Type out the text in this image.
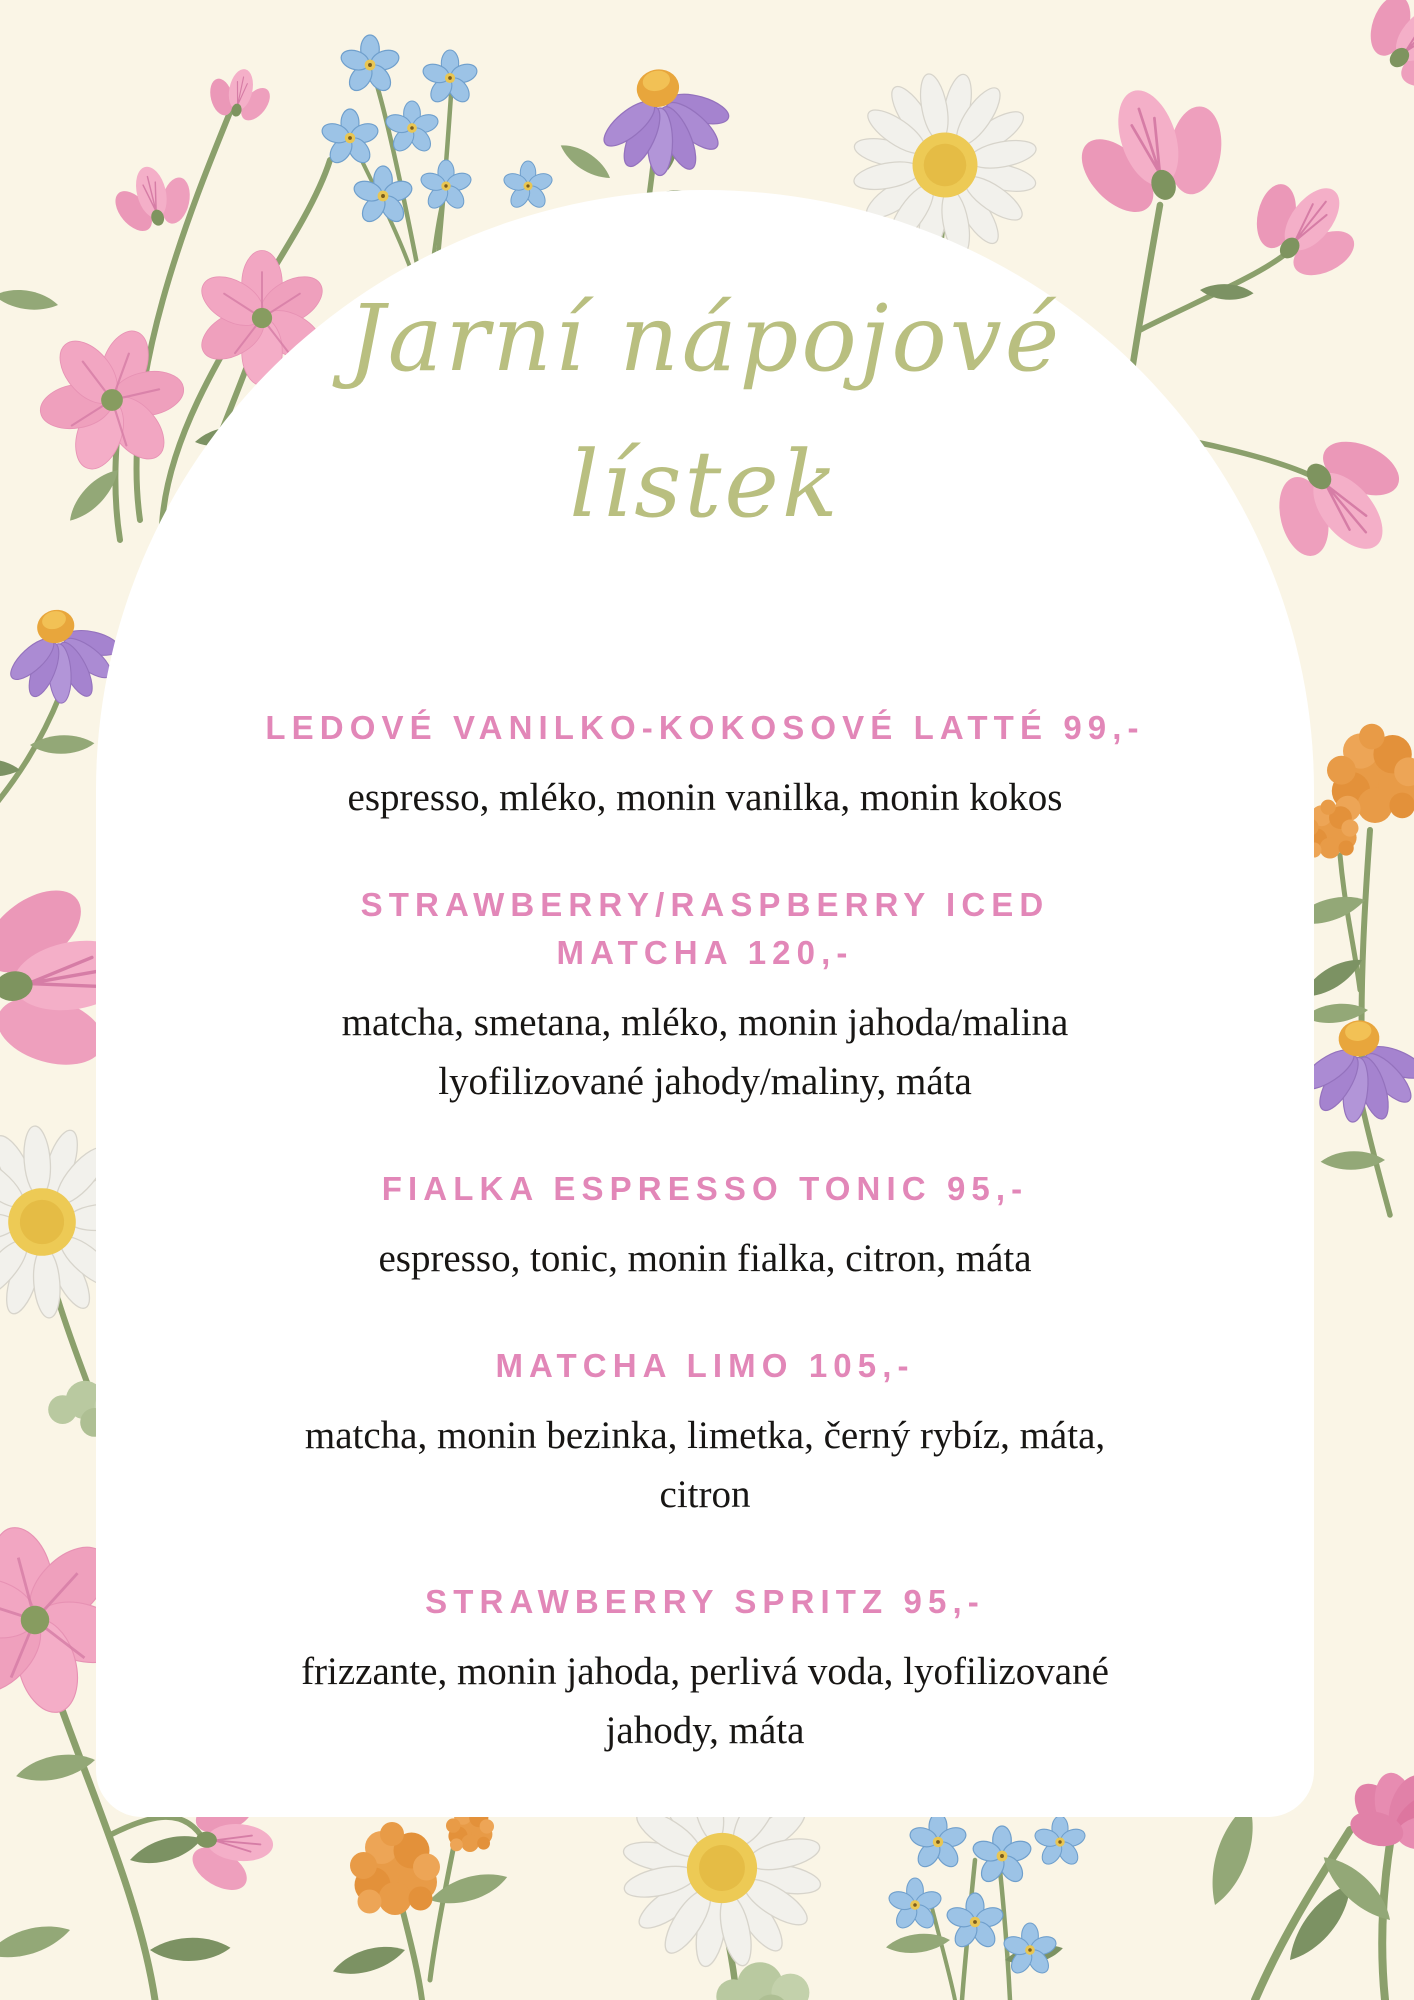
Jarní nápojové
lístek
LEDOVÉ VANILKO-KOKOSOVÉ LATTÉ 99,-
espresso, mléko, monin vanilka, monin kokos
STRAWBERRY/RASPBERRY ICED
MATCHA 120,-
matcha, smetana, mléko, monin jahoda/malina
lyofilizované jahody/maliny, máta
FIALKA ESPRESSO TONIC 95,-
espresso, tonic, monin fialka, citron, máta
MATCHA LIMO 105,-
matcha, monin bezinka, limetka, černý rybíz, máta,
citron
STRAWBERRY SPRITZ 95,-
frizzante, monin jahoda, perlivá voda, lyofilizované
jahody, máta
